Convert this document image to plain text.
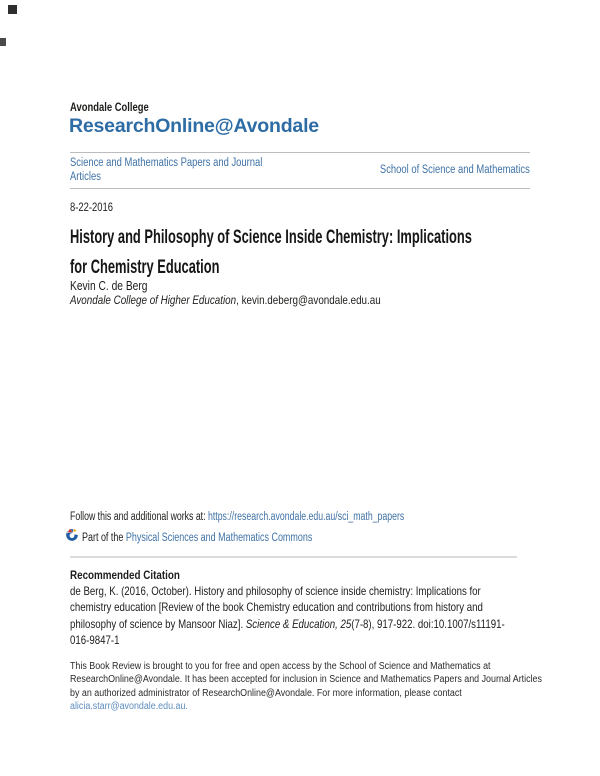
Avondale College
ResearchOnline@Avondale
Science and Mathematics Papers and Journal Articles
School of Science and Mathematics
8-22-2016
History and Philosophy of Science Inside Chemistry: Implications
for Chemistry Education
Kevin C. de Berg
Avondale College of Higher Education, kevin.deberg@avondale.edu.au
Follow this and additional works at: https://research.avondale.edu.au/sci_math_papers
Part of the Physical Sciences and Mathematics Commons
Recommended Citation

de Berg, K. (2016, October). History and philosophy of science inside chemistry: Implications for chemistry education [Review of the book Chemistry education and contributions from history and philosophy of science by Mansoor Niaz]. Science & Education, 25(7-8), 917-922. doi:10.1007/s11191-016-9847-1

This Book Review is brought to you for free and open access by the School of Science and Mathematics at ResearchOnline@Avondale. It has been accepted for inclusion in Science and Mathematics Papers and Journal Articles by an authorized administrator of ResearchOnline@Avondale. For more information, please contact alicia.starr@avondale.edu.au.
